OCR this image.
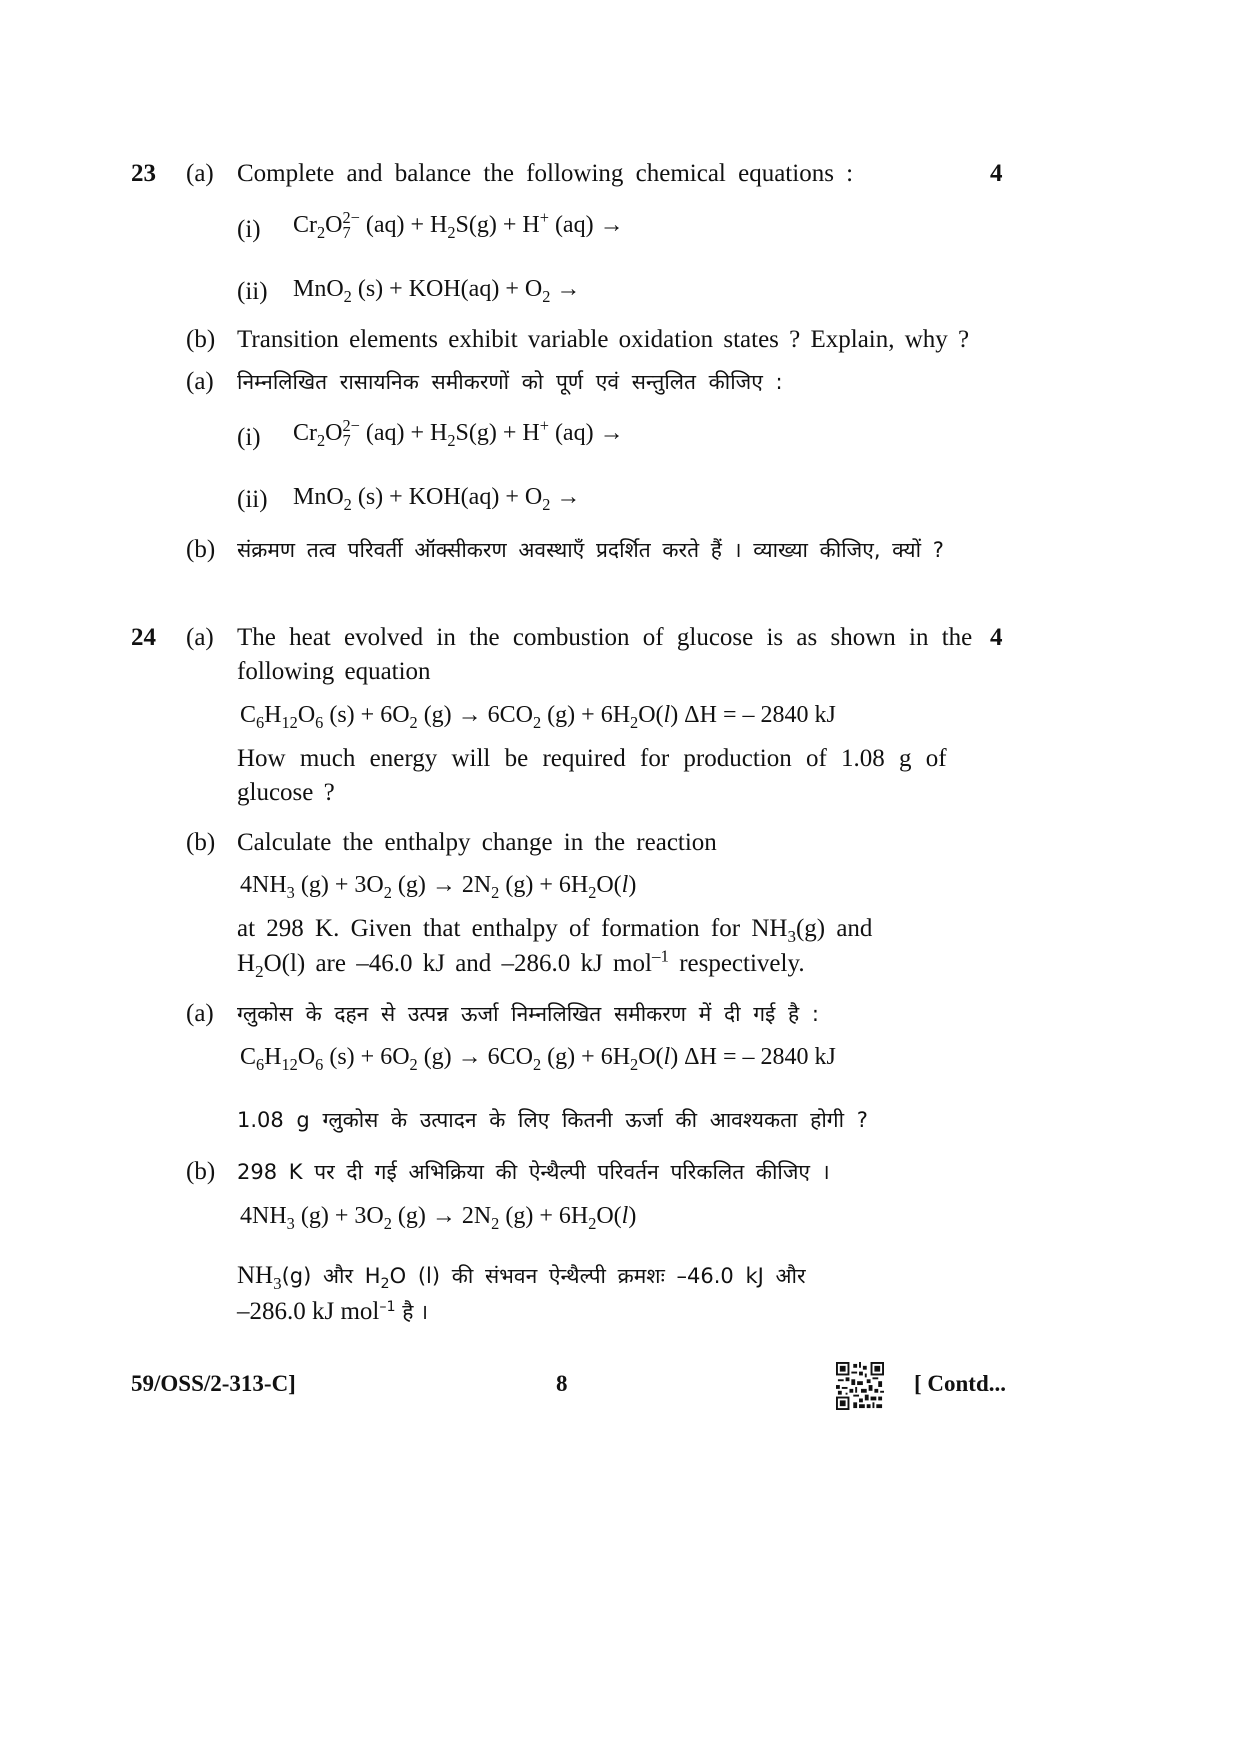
23 (a) Complete and balance the following chemical equations :	4
(i) $Cr_2O$ 2−
7 $(aq) + H_2S(g) + H^+$ (aq) →
(ii) MnO$_2$ $(s) + KOH(aq) + O_2$ →
(b) Transition elements exhibit variable oxidation states ? Explain, why ?
(a) निम्नलिखित रासायनिक समीकरणों को पूर्ण एवं सन्तुलित कीजिए :
(i) $Cr_2O$ 2−
7 $(aq) + H_2S(g) + H^+$ (aq) →
(ii) MnO$_2$ $(s) + KOH(aq) + O_2$ →
(b) संक्रमण तत्व परिवर्ती ऑक्सीकरण अवस्थाएँ प्रदर्शित करते हैं । व्याख्या कीजिए, क्यों ?
24 (a) The heat evolved in the combustion of glucose is as shown in the 4
following equation
$C_6H_{12}O_6$ $(s) + 6O_2$ $(g) \to 6CO_2$ $(g) + 6H_2O(l) \Delta H$ = – 2840 kJ
How much energy will be required for production of 1.08 g of
glucose ?
(b) Calculate the enthalpy change in the reaction
$4NH_3$ $(g) + 3O_2$ $(g) \to 2N_2$ $(g) + 6H_2O(l)$
at 298 K. Given that enthalpy of formation for $NH_3(g)$ and
$H_2O(l)$ are –46.0 kJ and –286.0 kJ mol$^{-1}$ respectively.
(a) ग्लुकोस के दहन से उत्पन्न ऊर्जा निम्नलिखित समीकरण में दी गई है :
$C_6H_{12}O_6$ $(s) + 6O_2$ $(g) \to 6CO_2$ $(g) + 6H_2O(l) \Delta H$ = – 2840 kJ
1.08 g ग्लुकोस के उत्पादन के लिए कितनी ऊर्जा की आवश्यकता होगी ?
(b) 298 K पर दी गई अभिक्रिया की ऐन्थैल्पी परिवर्तन परिकलित कीजिए ।
$4NH_3$ $(g) + 3O_2$ $(g) \to 2N_2$ $(g) + 6H_2O(l)$
$NH_3(g)$ और $H_2O$ (l) की संभवन ऐन्थैल्पी क्रमशः –46.0 kJ और
–286.0 kJ mol$^{-1}$ है ।
59/OSS/2-313-C]	8	[ Contd...
